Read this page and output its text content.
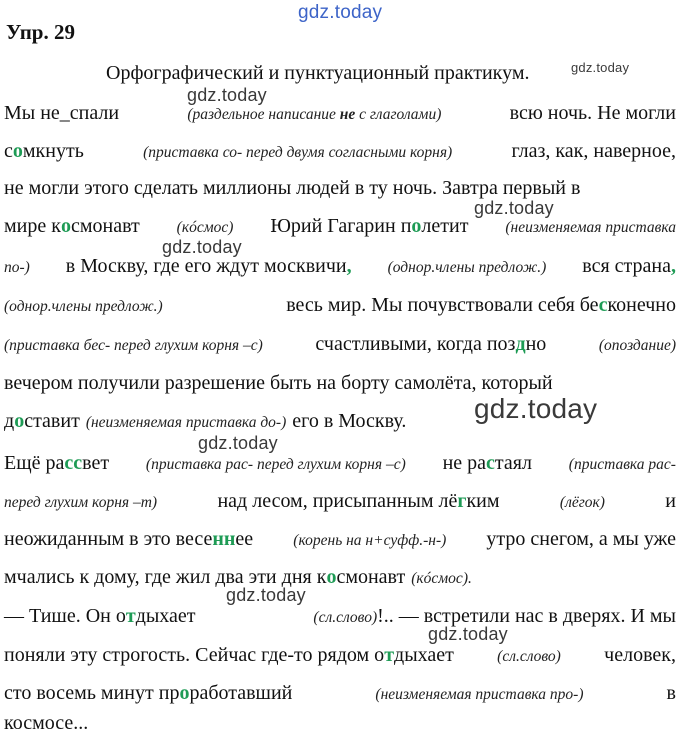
gdz.today
gdz.today
gdz.today
gdz.today
gdz.today
gdz.today
gdz.today
gdz.today
gdz.today
Упр. 29
Орфографический и пунктуационный практикум.
Мы не_спали	(раздельное написание не с глаголами)	всю ночь. Не могли
сомкнуть	(приставка со- перед двумя согласными корня)	глаз, как, наверное,
не могли этого сделать миллионы людей в ту ночь. Завтра первый в
мире космонавт (кóсмос) Юрий Гагарин полетит (неизменяемая приставка
по-) в Москву, где его ждут москвичи, (однор.члены предлож.) вся страна,
(однор.члены предлож.)	весь мир. Мы почувствовали себя бесконечно
(приставка бес- перед глухим корня –с)	счастливыми, когда поздно	(опоздание)
вечером получили разрешение быть на борту самолёта, который
доставит (неизменяемая приставка до-) его в Москву.
Ещё рассвет (приставка рас- перед глухим корня –с) не растаял (приставка рас-
перед глухим корня –т)	над лесом, присыпанным лёгким	(лёгок)	и
неожиданным в это весеннее	(корень на н+суфф.-н-) утро снегом, а мы уже
мчались к дому, где жил два эти дня космонавт (кóсмос).
— Тише. Он отдыхает	(сл.слово)!.. — встретили нас в дверях. И мы
поняли эту строгость. Сейчас где-то рядом отдыхает	(сл.слово) человек,
сто восемь минут проработавший	(неизменяемая приставка про-)	в
космосе...
